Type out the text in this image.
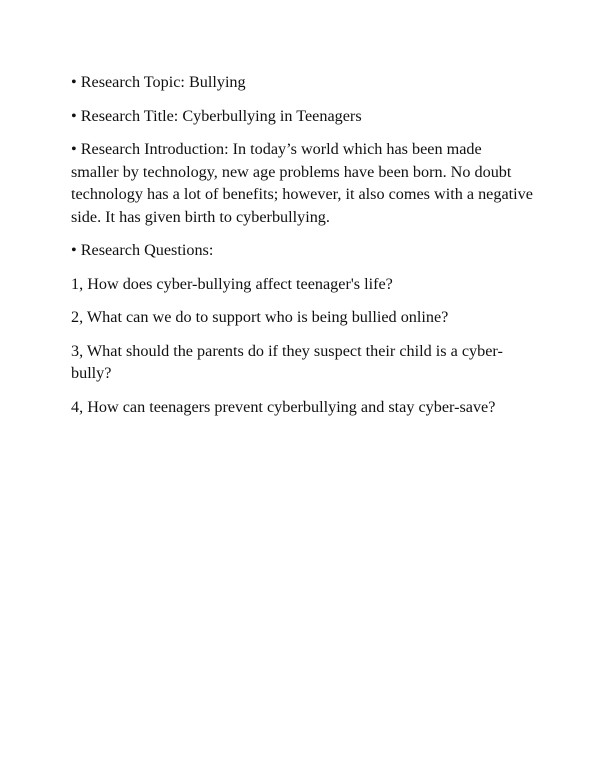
• Research Topic: Bullying

• Research Title: Cyberbullying in Teenagers

• Research Introduction: In today’s world which has been made smaller by technology, new age problems have been born. No doubt technology has a lot of benefits; however, it also comes with a negative side. It has given birth to cyberbullying.

• Research Questions:

1, How does cyber-bullying affect teenager's life?

2, What can we do to support who is being bullied online?

3, What should the parents do if they suspect their child is a cyber-bully?

4, How can teenagers prevent cyberbullying and stay cyber-save?
